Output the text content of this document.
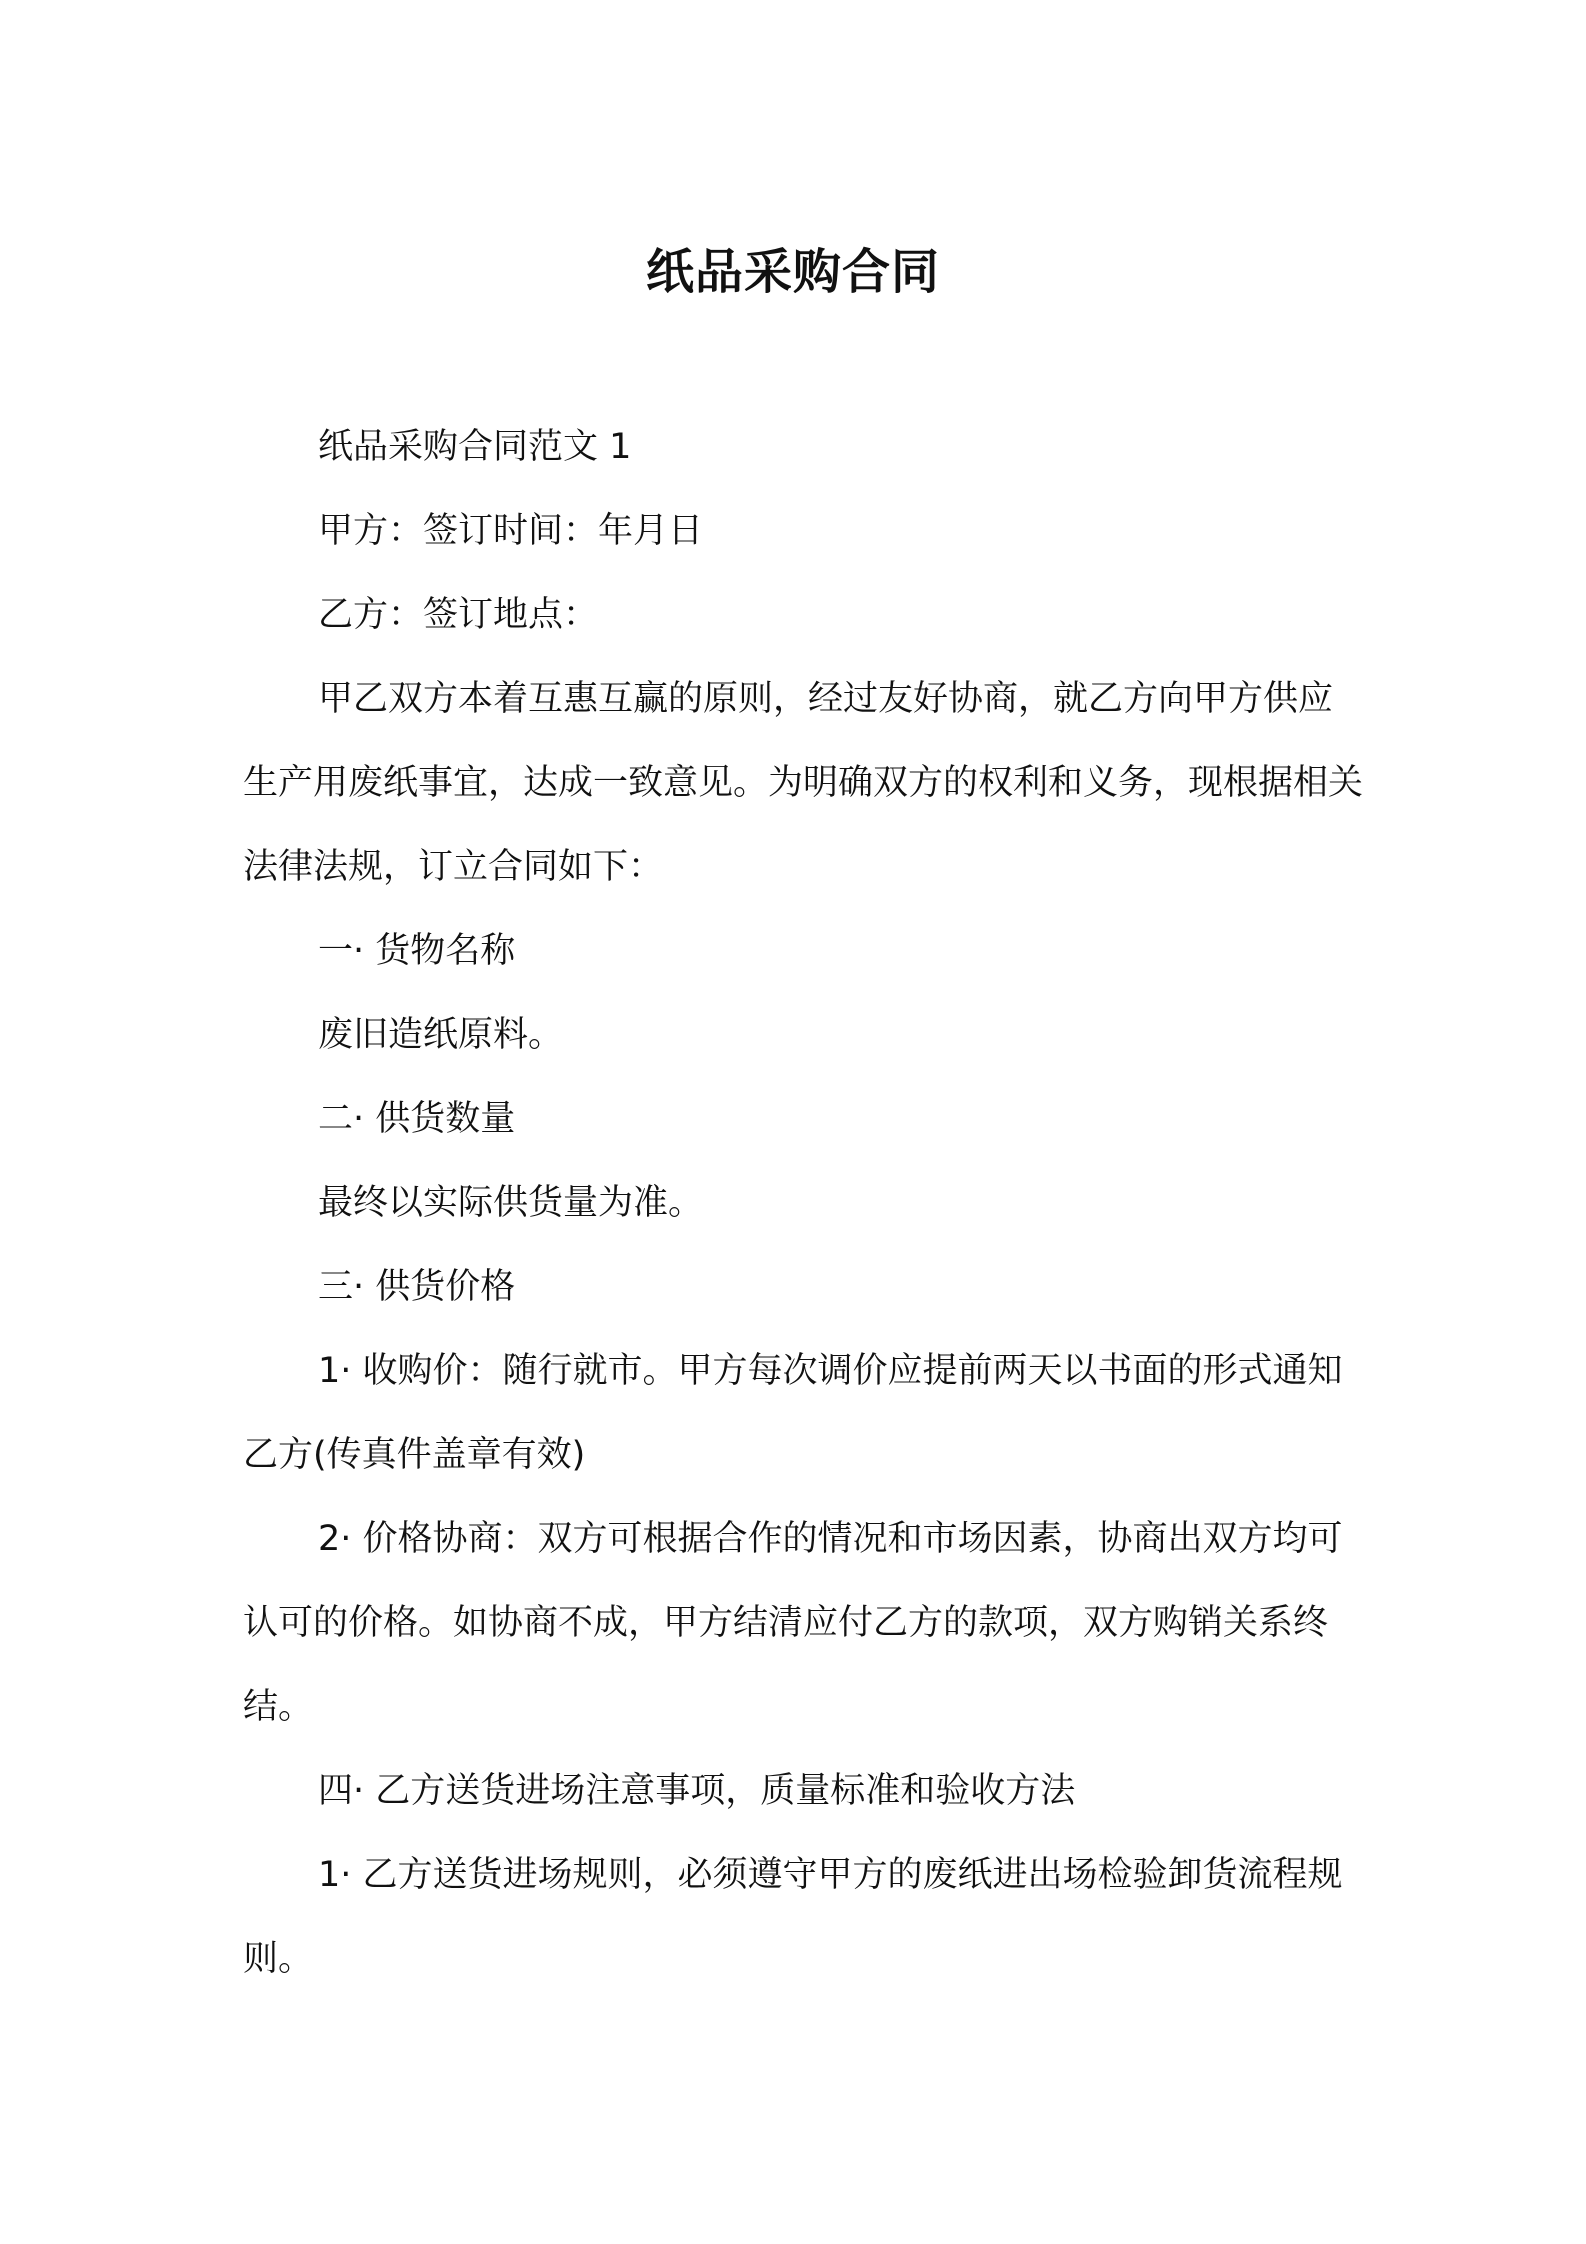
纸品采购合同

纸品采购合同范文 1

甲方：签订时间：年月日

乙方：签订地点：

甲乙双方本着互惠互赢的原则，经过友好协商，就乙方向甲方供应生产用废纸事宜，达成一致意见。为明确双方的权利和义务，现根据相关法律法规，订立合同如下：

一· 货物名称

废旧造纸原料。

二· 供货数量

最终以实际供货量为准。

三· 供货价格

1· 收购价：随行就市。甲方每次调价应提前两天以书面的形式通知乙方(传真件盖章有效)

2· 价格协商：双方可根据合作的情况和市场因素，协商出双方均可认可的价格。如协商不成，甲方结清应付乙方的款项，双方购销关系终结。

四· 乙方送货进场注意事项，质量标准和验收方法

1· 乙方送货进场规则，必须遵守甲方的废纸进出场检验卸货流程规则。
